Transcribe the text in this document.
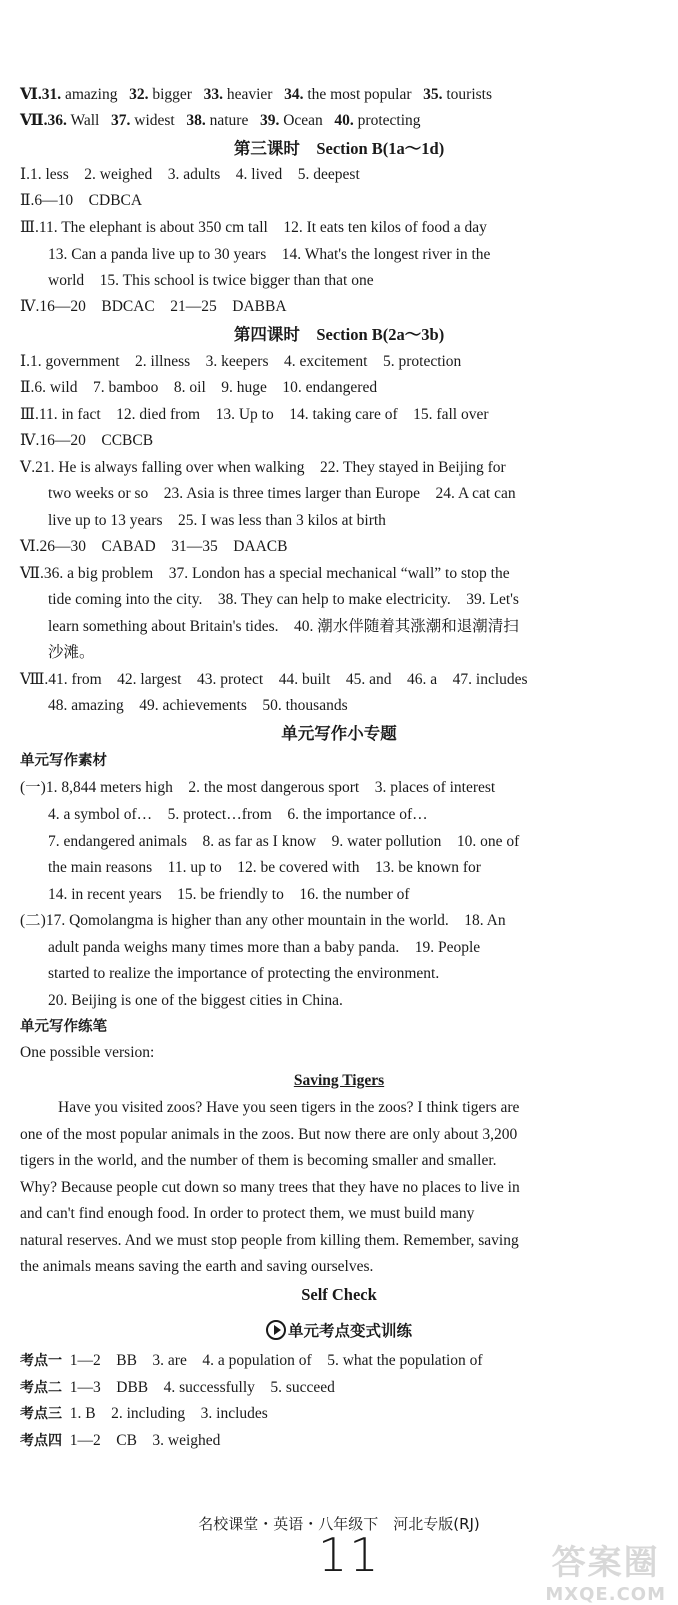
Ⅵ.31. amazing 32. bigger 33. heavier 34. the most popular 35. tourists
Ⅶ.36. Wall 37. widest 38. nature 39. Ocean 40. protecting
第三课时　Section B(1a～1d)
Ⅰ.1. less　2. weighed　3. adults　4. lived　5. deepest
Ⅱ.6—10　CDBCA
Ⅲ.11. The elephant is about 350 cm tall　12. It eats ten kilos of food a day
13. Can a panda live up to 30 years　14. What's the longest river in the
world　15. This school is twice bigger than that one
Ⅳ.16—20　BDCAC　21—25　DABBA
第四课时　Section B(2a～3b)
Ⅰ.1. government　2. illness　3. keepers　4. excitement　5. protection
Ⅱ.6. wild　7. bamboo　8. oil　9. huge　10. endangered
Ⅲ.11. in fact　12. died from　13. Up to　14. taking care of　15. fall over
Ⅳ.16—20　CCBCB
Ⅴ.21. He is always falling over when walking　22. They stayed in Beijing for
two weeks or so　23. Asia is three times larger than Europe　24. A cat can
live up to 13 years　25. I was less than 3 kilos at birth
Ⅵ.26—30　CABAD　31—35　DAACB
Ⅶ.36. a big problem　37. London has a special mechanical “wall” to stop the
tide coming into the city.　38. They can help to make electricity.　39. Let's
learn something about Britain's tides.　40. 潮水伴随着其涨潮和退潮清扫
沙滩。
Ⅷ.41. from　42. largest　43. protect　44. built　45. and　46. a　47. includes
48. amazing　49. achievements　50. thousands
单元写作小专题
单元写作素材
(一)1. 8,844 meters high　2. the most dangerous sport　3. places of interest
4. a symbol of…　5. protect…from　6. the importance of…
7. endangered animals　8. as far as I know　9. water pollution　10. one of
the main reasons　11. up to　12. be covered with　13. be known for
14. in recent years　15. be friendly to　16. the number of
(二)17. Qomolangma is higher than any other mountain in the world.　18. An
adult panda weighs many times more than a baby panda.　19. People
started to realize the importance of protecting the environment.
20. Beijing is one of the biggest cities in China.
单元写作练笔
One possible version:
Saving Tigers
Have you visited zoos? Have you seen tigers in the zoos? I think tigers are
one of the most popular animals in the zoos. But now there are only about 3,200
tigers in the world, and the number of them is becoming smaller and smaller.
Why? Because people cut down so many trees that they have no places to live in
and can't find enough food. In order to protect them, we must build many
natural reserves. And we must stop people from killing them. Remember, saving
the animals means saving the earth and saving ourselves.
Self Check
单元考点变式训练
考点一 1—2　BB　3. are　4. a population of　5. what the population of
考点二 1—3　DBB　4. successfully　5. succeed
考点三 1. B　2. including　3. includes
考点四 1—2　CB　3. weighed
名校课堂・英语・八年级下　河北专版(RJ)
11	答案圈
MXQE.COM
